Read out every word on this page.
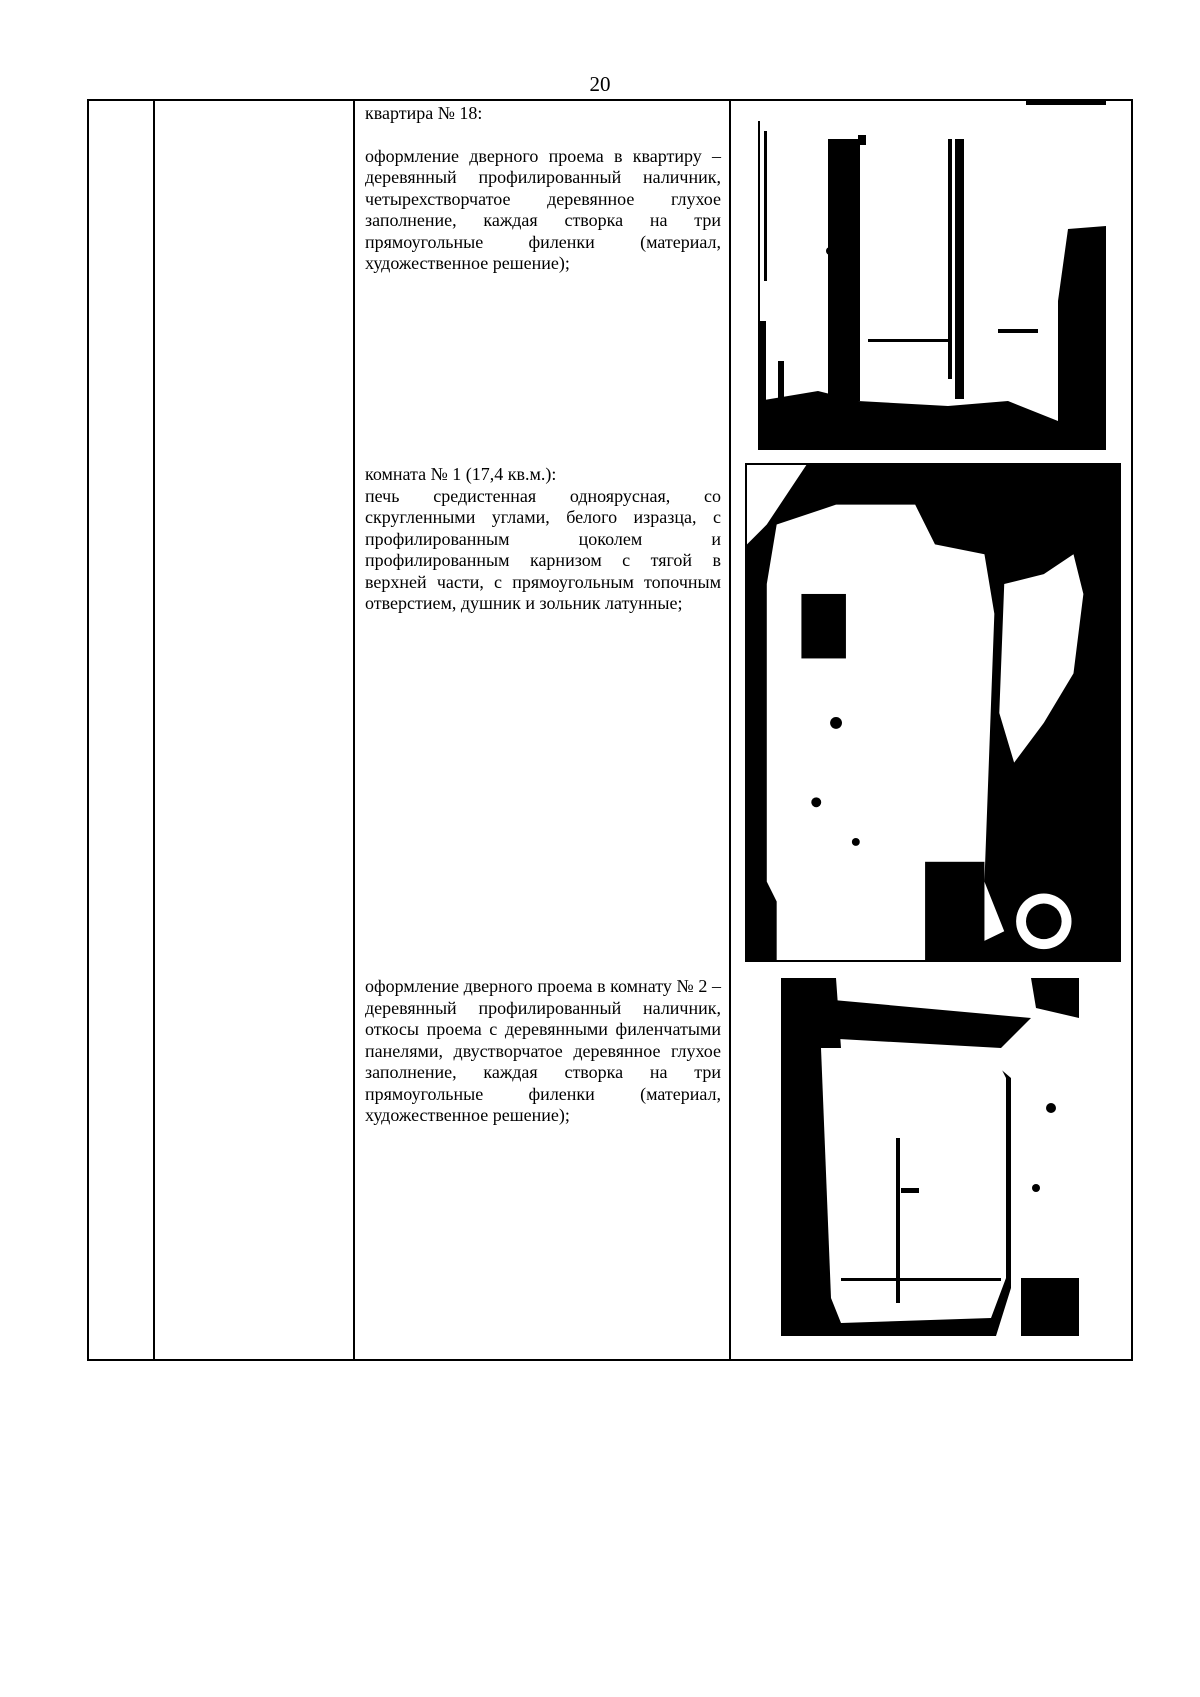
20

квартира № 18:

оформление дверного проема в квартиру – деревянный профилированный наличник, четырехстворчатое деревянное глухое заполнение, каждая створка на три прямоугольные филенки (материал, художественное решение);

комната № 1 (17,4 кв.м.):

печь средистенная одноярусная, со скругленными углами, белого изразца, с профилированным цоколем и профилированным карнизом с тягой в верхней части, с прямоугольным топочным отверстием, душник и зольник латунные;

оформление дверного проема в комнату № 2 – деревянный профилированный наличник, откосы проема с деревянными филенчатыми панелями, двустворчатое деревянное глухое заполнение, каждая створка на три прямоугольные филенки (материал, художественное решение);
